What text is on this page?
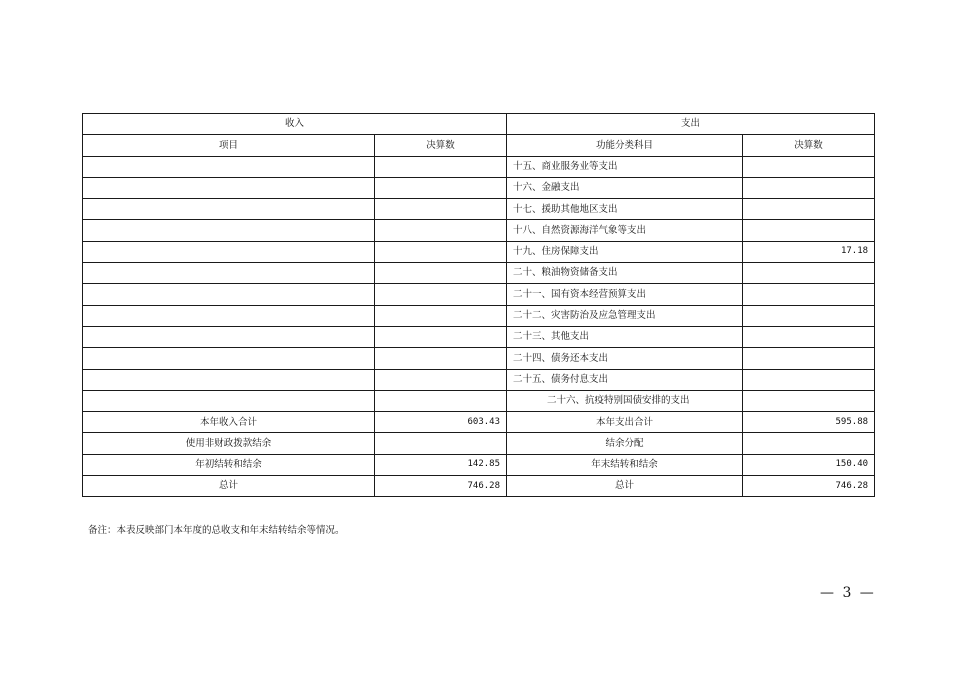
收入		支出	
项目	决算数	功能分类科目	决算数
		十五、商业服务业等支出	
		十六、金融支出	
		十七、援助其他地区支出	
		十八、自然资源海洋气象等支出	
		十九、住房保障支出	17.18
		二十、粮油物资储备支出	
		二十一、国有资本经营预算支出	
		二十二、灾害防治及应急管理支出	
		二十三、其他支出	
		二十四、债务还本支出	
		二十五、债务付息支出	
		二十六、抗疫特别国债安排的支出	
本年收入合计	603.43	本年支出合计	595.88
使用非财政拨款结余		结余分配	
年初结转和结余	142.85	年末结转和结余	150.40
总计	746.28	总计	746.28
备注：本表反映部门本年度的总收支和年末结转结余等情况。
— 3 —
